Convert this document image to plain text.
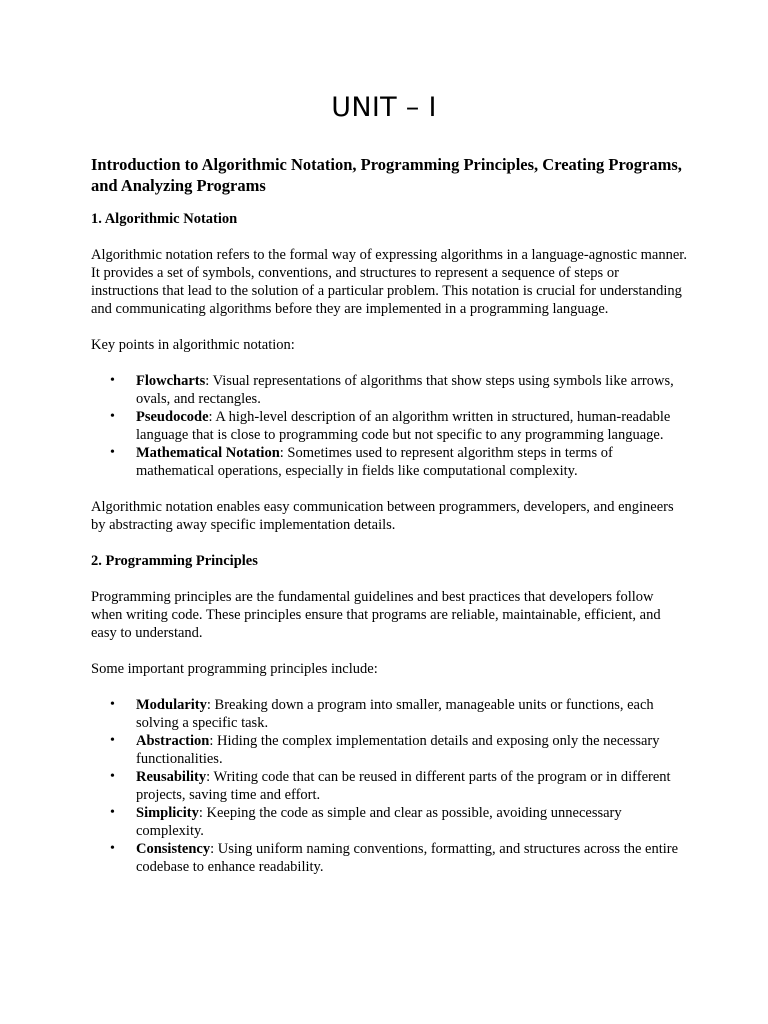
UNIT – I
Introduction to Algorithmic Notation, Programming Principles, Creating Programs, and Analyzing Programs
1. Algorithmic Notation

Algorithmic notation refers to the formal way of expressing algorithms in a language-agnostic manner. It provides a set of symbols, conventions, and structures to represent a sequence of steps or instructions that lead to the solution of a particular problem. This notation is crucial for understanding and communicating algorithms before they are implemented in a programming language.

Key points in algorithmic notation:

• Flowcharts: Visual representations of algorithms that show steps using symbols like arrows, ovals, and rectangles.
• Pseudocode: A high-level description of an algorithm written in structured, human-readable language that is close to programming code but not specific to any programming language.
• Mathematical Notation: Sometimes used to represent algorithm steps in terms of mathematical operations, especially in fields like computational complexity.

Algorithmic notation enables easy communication between programmers, developers, and engineers by abstracting away specific implementation details.

2. Programming Principles

Programming principles are the fundamental guidelines and best practices that developers follow when writing code. These principles ensure that programs are reliable, maintainable, efficient, and easy to understand.

Some important programming principles include:

• Modularity: Breaking down a program into smaller, manageable units or functions, each solving a specific task.
• Abstraction: Hiding the complex implementation details and exposing only the necessary functionalities.
• Reusability: Writing code that can be reused in different parts of the program or in different projects, saving time and effort.
• Simplicity: Keeping the code as simple and clear as possible, avoiding unnecessary complexity.
• Consistency: Using uniform naming conventions, formatting, and structures across the entire codebase to enhance readability.
